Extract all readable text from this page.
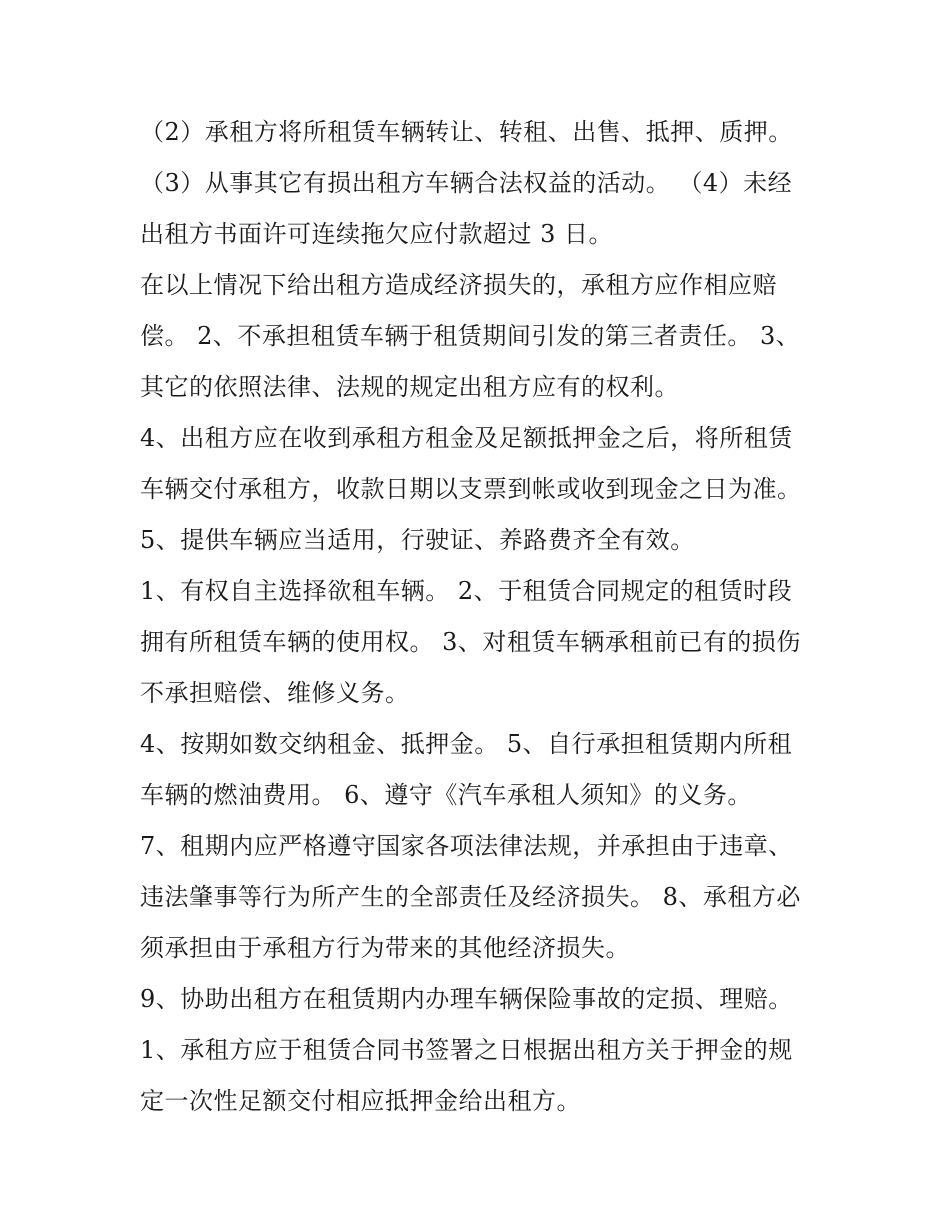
（2）承租方将所租赁车辆转让、转租、出售、抵押、质押。
（3）从事其它有损出租方车辆合法权益的活动。 （4）未经
出租方书面许可连续拖欠应付款超过 3 日。
在以上情况下给出租方造成经济损失的，承租方应作相应赔
偿。 2、不承担租赁车辆于租赁期间引发的第三者责任。 3、
其它的依照法律、法规的规定出租方应有的权利。
4、出租方应在收到承租方租金及足额抵押金之后，将所租赁
车辆交付承租方，收款日期以支票到帐或收到现金之日为准。
5、提供车辆应当适用，行驶证、养路费齐全有效。
1、有权自主选择欲租车辆。 2、于租赁合同规定的租赁时段
拥有所租赁车辆的使用权。 3、对租赁车辆承租前已有的损伤
不承担赔偿、维修义务。
4、按期如数交纳租金、抵押金。 5、自行承担租赁期内所租
车辆的燃油费用。 6、遵守《汽车承租人须知》的义务。
7、租期内应严格遵守国家各项法律法规，并承担由于违章、
违法肇事等行为所产生的全部责任及经济损失。 8、承租方必
须承担由于承租方行为带来的其他经济损失。
9、协助出租方在租赁期内办理车辆保险事故的定损、理赔。
1、承租方应于租赁合同书签署之日根据出租方关于押金的规
定一次性足额交付相应抵押金给出租方。
